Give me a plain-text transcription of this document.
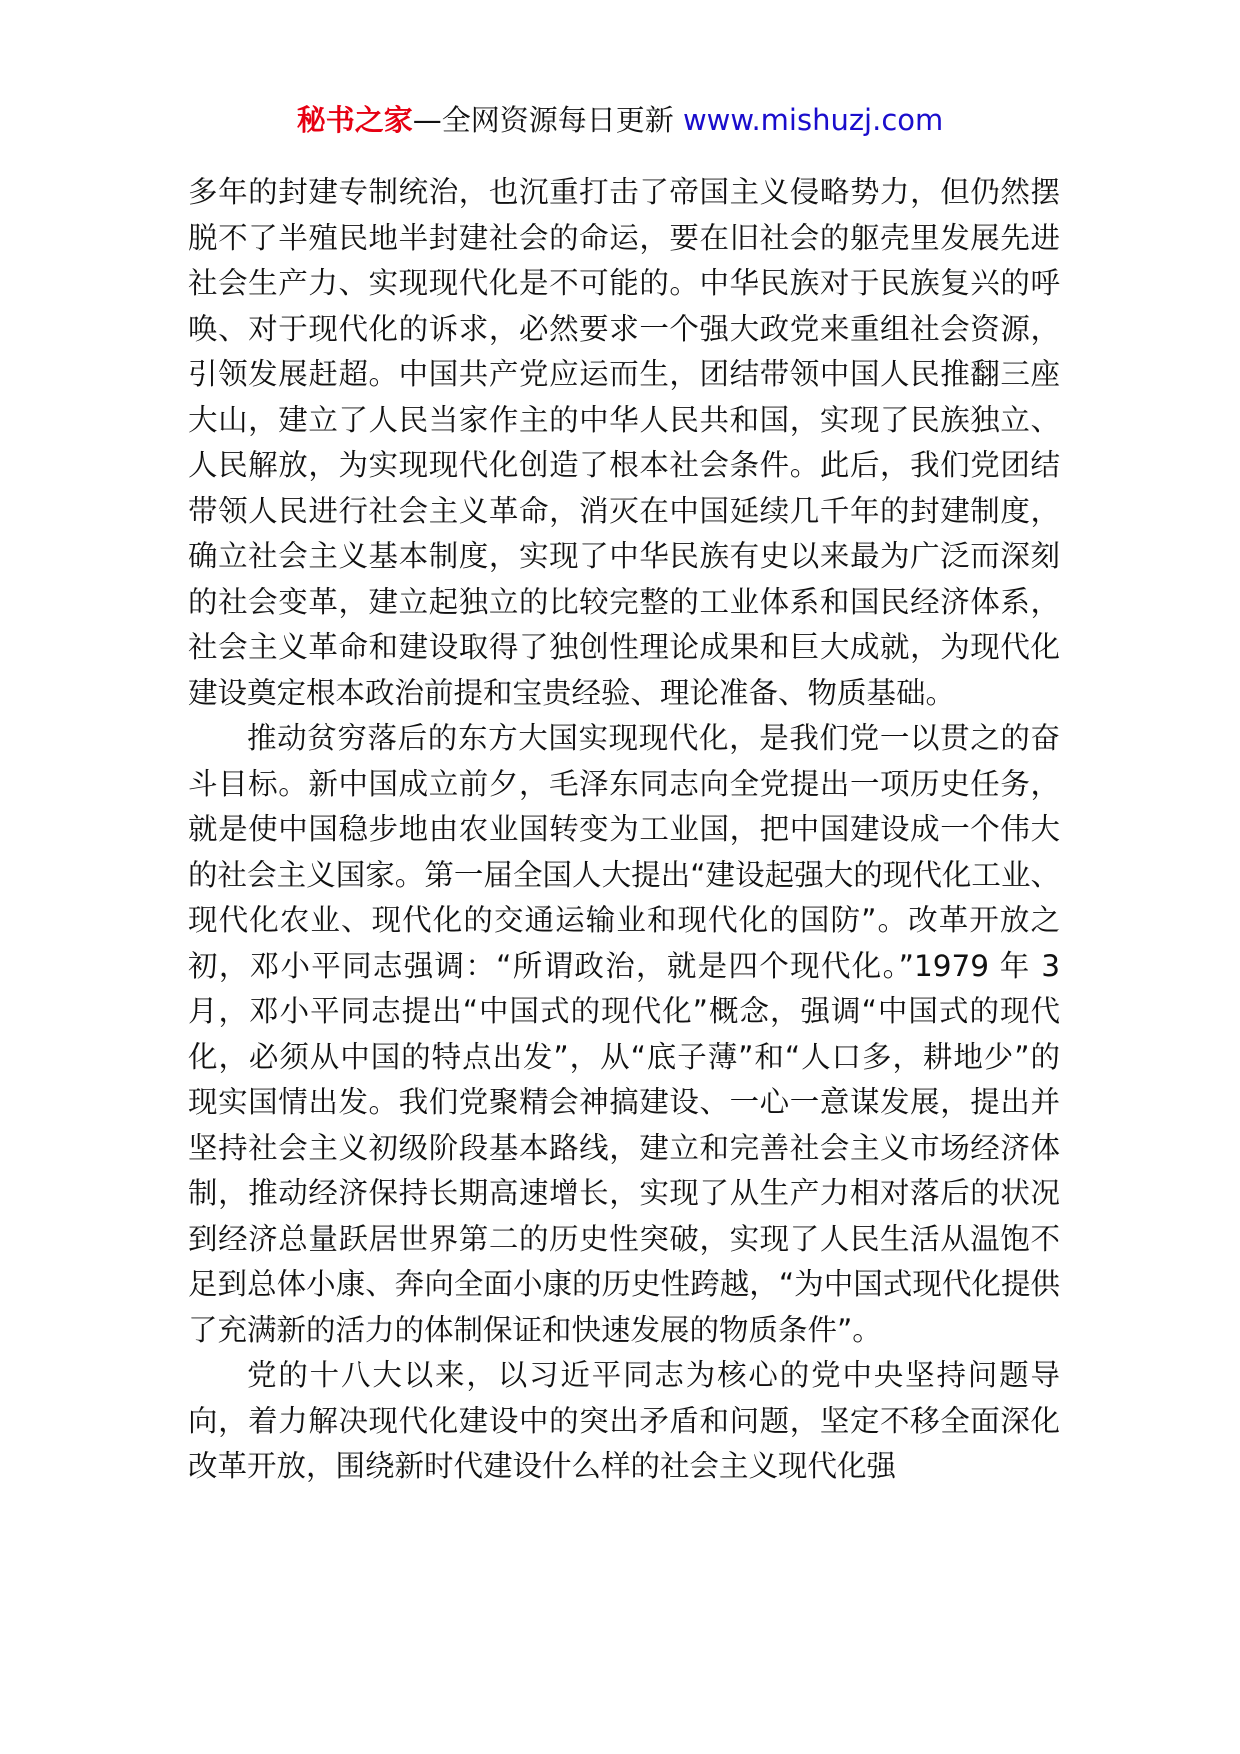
秘书之家—全网资源每日更新 www.mishuzj.com

多年的封建专制统治，也沉重打击了帝国主义侵略势力，但仍然摆脱不了半殖民地半封建社会的命运，要在旧社会的躯壳里发展先进社会生产力、实现现代化是不可能的。中华民族对于民族复兴的呼唤、对于现代化的诉求，必然要求一个强大政党来重组社会资源，引领发展赶超。中国共产党应运而生，团结带领中国人民推翻三座大山，建立了人民当家作主的中华人民共和国，实现了民族独立、人民解放，为实现现代化创造了根本社会条件。此后，我们党团结带领人民进行社会主义革命，消灭在中国延续几千年的封建制度，确立社会主义基本制度，实现了中华民族有史以来最为广泛而深刻的社会变革，建立起独立的比较完整的工业体系和国民经济体系，社会主义革命和建设取得了独创性理论成果和巨大成就，为现代化建设奠定根本政治前提和宝贵经验、理论准备、物质基础。

推动贫穷落后的东方大国实现现代化，是我们党一以贯之的奋斗目标。新中国成立前夕，毛泽东同志向全党提出一项历史任务，就是使中国稳步地由农业国转变为工业国，把中国建设成一个伟大的社会主义国家。第一届全国人大提出“建设起强大的现代化工业、现代化农业、现代化的交通运输业和现代化的国防”。改革开放之初，邓小平同志强调：“所谓政治，就是四个现代化。”1979 年 3 月，邓小平同志提出“中国式的现代化”概念，强调“中国式的现代化，必须从中国的特点出发”，从“底子薄”和“人口多，耕地少”的现实国情出发。我们党聚精会神搞建设、一心一意谋发展，提出并坚持社会主义初级阶段基本路线，建立和完善社会主义市场经济体制，推动经济保持长期高速增长，实现了从生产力相对落后的状况到经济总量跃居世界第二的历史性突破，实现了人民生活从温饱不足到总体小康、奔向全面小康的历史性跨越，“为中国式现代化提供了充满新的活力的体制保证和快速发展的物质条件”。

党的十八大以来，以习近平同志为核心的党中央坚持问题导向，着力解决现代化建设中的突出矛盾和问题，坚定不移全面深化改革开放，围绕新时代建设什么样的社会主义现代化强
